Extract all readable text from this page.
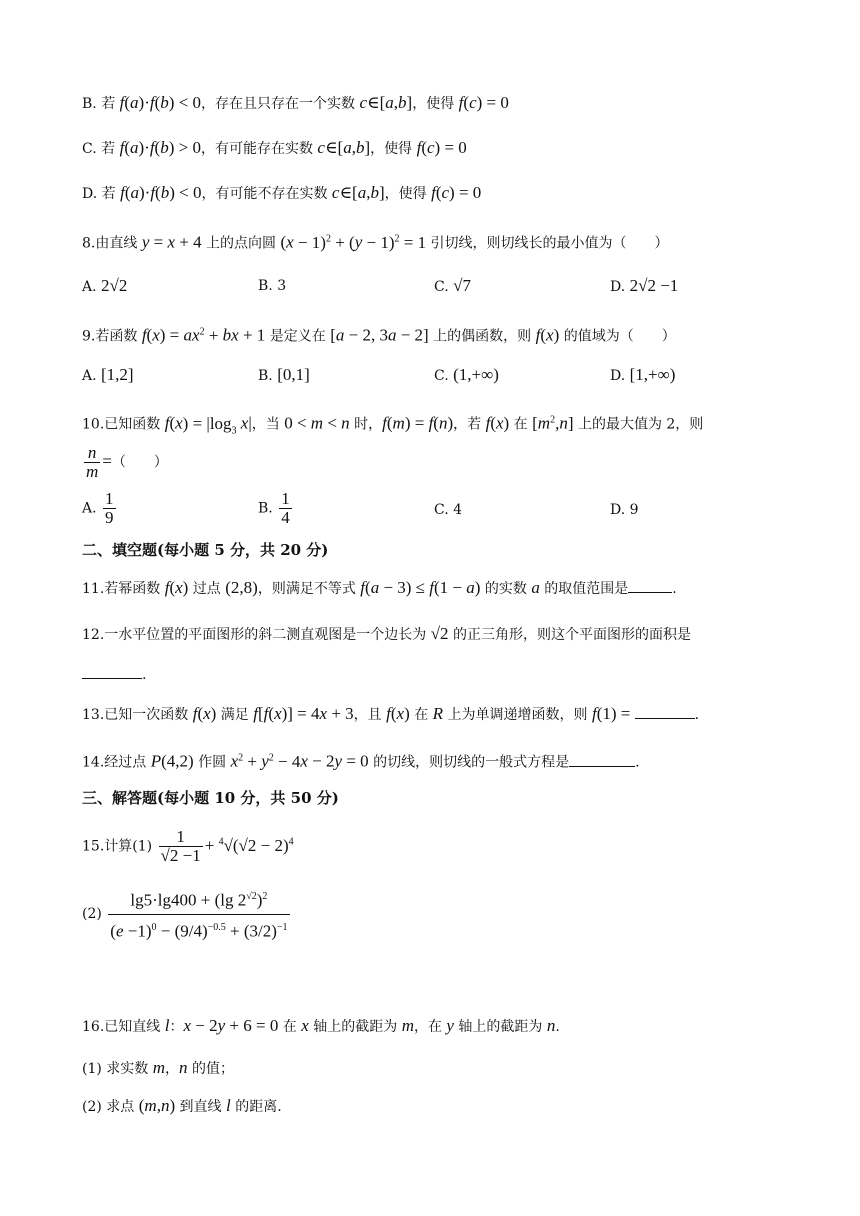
B. 若 f(a)·f(b) < 0，存在且只存在一个实数 c∈[a,b]，使得 f(c) = 0
C. 若 f(a)·f(b) > 0，有可能存在实数 c∈[a,b]，使得 f(c) = 0
D. 若 f(a)·f(b) < 0，有可能不存在实数 c∈[a,b]，使得 f(c) = 0
8.由直线 y = x + 4 上的点向圆 $(x - 1)^2 + (y - 1)^2 = 1$ 引切线，则切线长的最小值为（　　）
A. 2√2	B. 3	C. √7	D. 2√2 −1
9.若函数 $f(x) = ax^2$ + bx + 1 是定义在 [a − 2, 3a − 2] 上的偶函数，则 f(x) 的值域为（　　）
A. [1,2]	B. [0,1]	C. (1,+∞)	D. [1,+∞)
10.已知函数 $f(x) = |\log_3$ x|，当 0 < m < n 时，f(m) = f(n)，若 f(x) 在 $[m^2,n]$ 上的最大值为 2，则
$\frac{n}{m}$ =（　　）
A. $\frac{1}{9}$	B. $\frac{1}{4}$	C. 4	D. 9
二、填空题(每小题 5 分，共 20 分)
11.若幂函数 f(x) 过点 (2,8)，则满足不等式 f(a − 3) ≤ f(1 − a) 的实数 a 的取值范围是	.
12.一水平位置的平面图形的斜二测直观图是一个边长为 √2 的正三角形，则这个平面图形的面积是
.
13.已知一次函数 f(x) 满足 f[f(x)] = 4x + 3，且 f(x) 在 R 上为单调递增函数，则 f(1) =	.
14.经过点 P(4,2) 作圆 $x^2 + y^2 - 4x - 2y = 0$ 的切线，则切线的一般式方程是	.
三、解答题(每小题 10 分，共 50 分)
15.计算$(1) \frac{1}{√2 -1} + ^4√(√2 - 2)^4$
$(2) \frac{\lg 5\cdot\lg 400 + (\lg 2^{√2})^2}{(e -1)^0 - (9/4)^{-0.5} + (3/2)^{-1}}$
16.已知直线 l：x − 2y + 6 = 0 在 x 轴上的截距为 m，在 y 轴上的截距为 n.
(1) 求实数 m，n 的值；
(2) 求点 (m,n) 到直线 l 的距离.
